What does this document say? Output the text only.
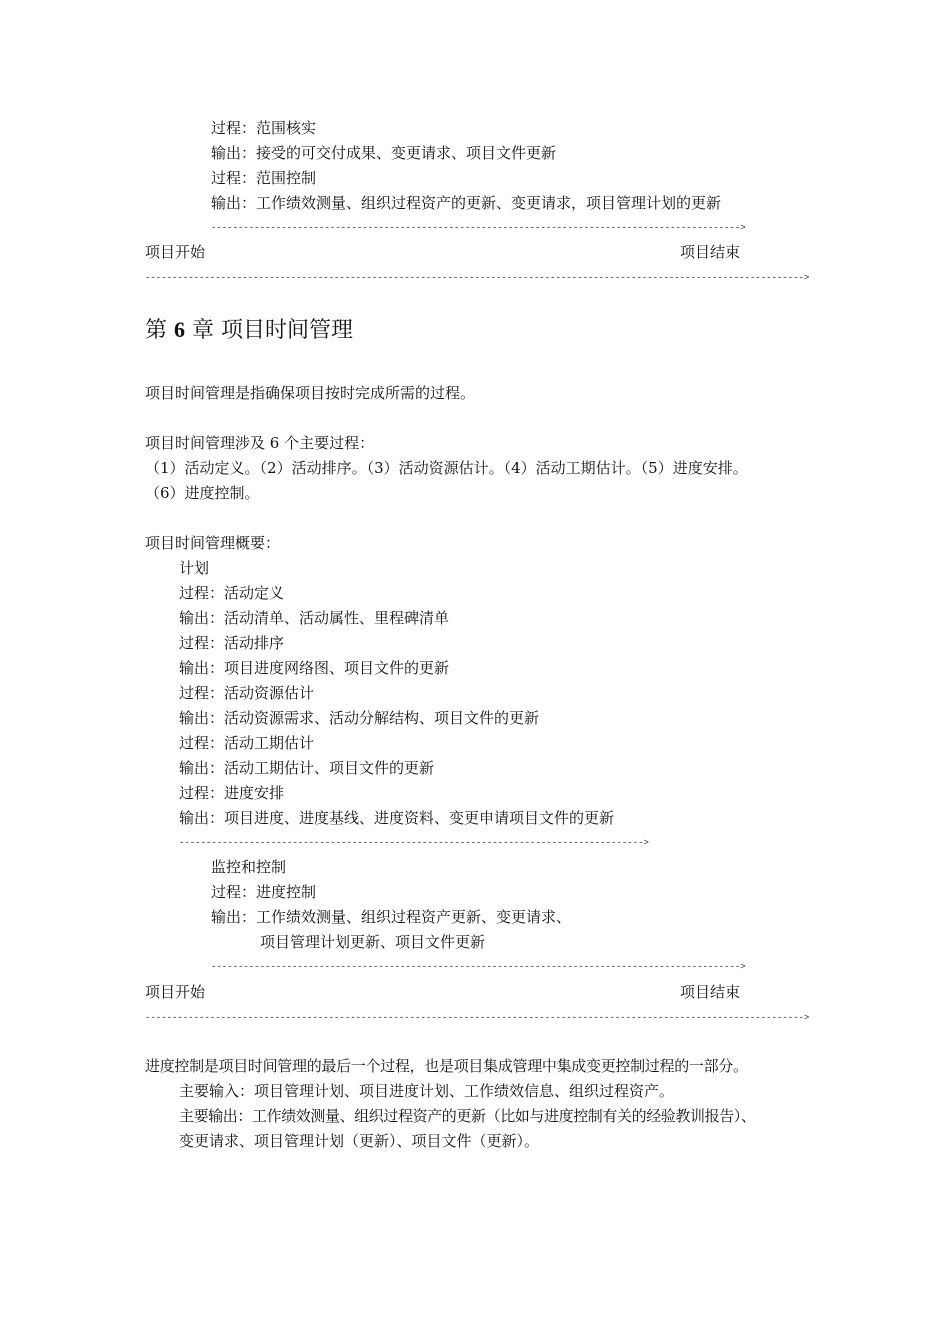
过程：范围核实
输出：接受的可交付成果、变更请求、项目文件更新
过程：范围控制
输出：工作绩效测量、组织过程资产的更新、变更请求，项目管理计划的更新
-------------------------------------------------------------------------------------------------->
项目开始	项目结束
-------------------------------------------------------------------------------------------------------------------------->
第 6 章 项目时间管理
项目时间管理是指确保项目按时完成所需的过程。
项目时间管理涉及 6 个主要过程：
（1）活动定义。（2）活动排序。（3）活动资源估计。（4）活动工期估计。（5）进度安排。
（6）进度控制。
项目时间管理概要：
计划
过程：活动定义
输出：活动清单、活动属性、里程碑清单
过程：活动排序
输出：项目进度网络图、项目文件的更新
过程：活动资源估计
输出：活动资源需求、活动分解结构、项目文件的更新
过程：活动工期估计
输出：活动工期估计、项目文件的更新
过程：进度安排
输出：项目进度、进度基线、进度资料、变更申请项目文件的更新
-------------------------------------------------------------------------------------->
监控和控制
过程：进度控制
输出：工作绩效测量、组织过程资产更新、变更请求、
项目管理计划更新、项目文件更新
-------------------------------------------------------------------------------------------------->
项目开始	项目结束
-------------------------------------------------------------------------------------------------------------------------->
进度控制是项目时间管理的最后一个过程，也是项目集成管理中集成变更控制过程的一部分。
主要输入：项目管理计划、项目进度计划、工作绩效信息、组织过程资产。
主要输出：工作绩效测量、组织过程资产的更新（比如与进度控制有关的经验教训报告）、
变更请求、项目管理计划（更新）、项目文件（更新）。
